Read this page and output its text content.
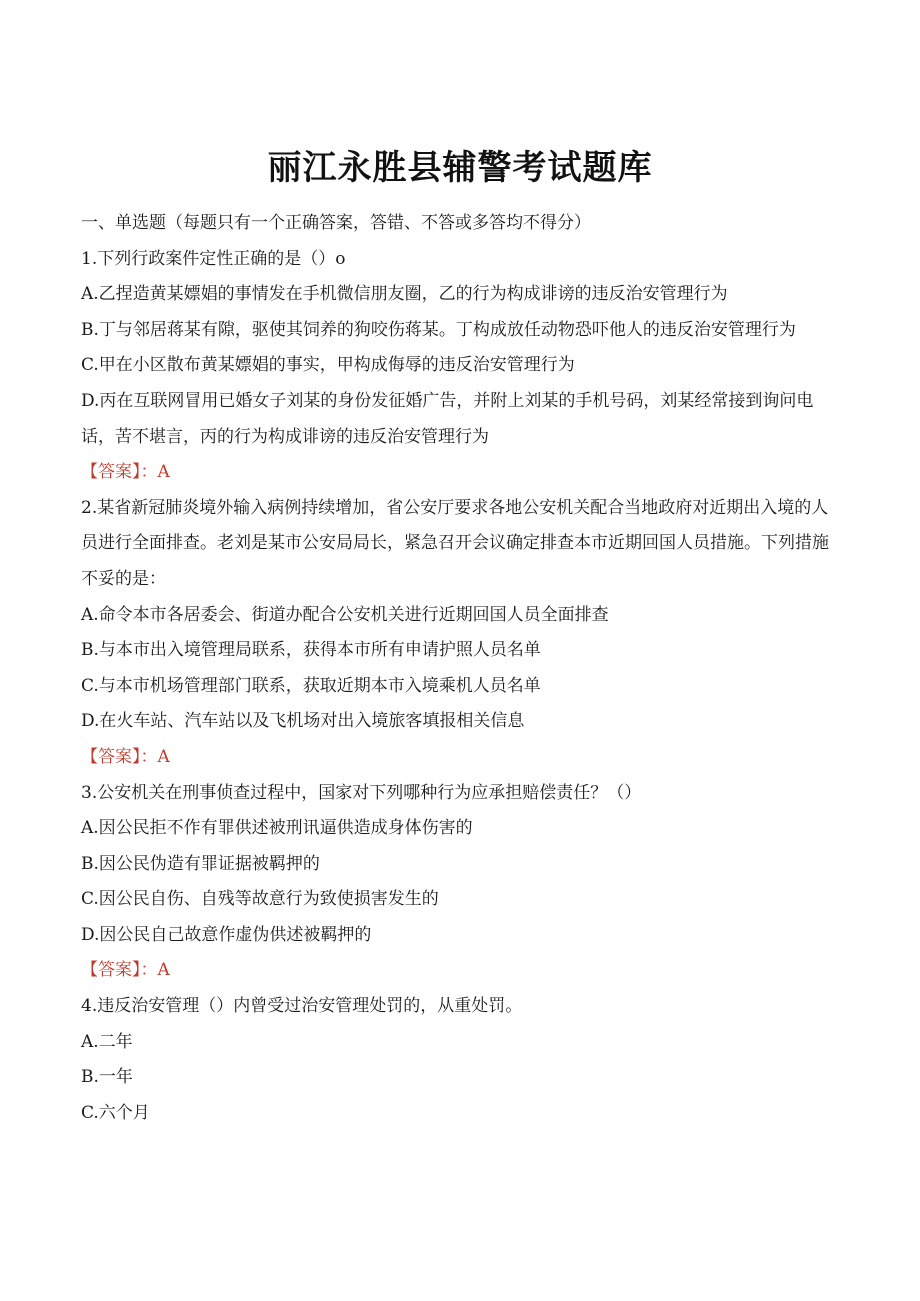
丽江永胜县辅警考试题库

一、单选题（每题只有一个正确答案，答错、不答或多答均不得分）

1.下列行政案件定性正确的是（）o

A.乙捏造黄某嫖娼的事情发在手机微信朋友圈，乙的行为构成诽谤的违反治安管理行为

B.丁与邻居蒋某有隙，驱使其饲养的狗咬伤蒋某。丁构成放任动物恐吓他人的违反治安管理行为

C.甲在小区散布黄某嫖娼的事实，甲构成侮辱的违反治安管理行为

D.丙在互联网冒用已婚女子刘某的身份发征婚广告，并附上刘某的手机号码，刘某经常接到询问电话，苦不堪言，丙的行为构成诽谤的违反治安管理行为

【答案】：A

2.某省新冠肺炎境外输入病例持续增加，省公安厅要求各地公安机关配合当地政府对近期出入境的人员进行全面排查。老刘是某市公安局局长，紧急召开会议确定排查本市近期回国人员措施。下列措施不妥的是：

A.命令本市各居委会、街道办配合公安机关进行近期回国人员全面排查

B.与本市出入境管理局联系，获得本市所有申请护照人员名单

C.与本市机场管理部门联系，获取近期本市入境乘机人员名单

D.在火车站、汽车站以及飞机场对出入境旅客填报相关信息

【答案】：A

3.公安机关在刑事侦查过程中，国家对下列哪种行为应承担赔偿责任？（）

A.因公民拒不作有罪供述被刑讯逼供造成身体伤害的

B.因公民伪造有罪证据被羁押的

C.因公民自伤、自残等故意行为致使损害发生的

D.因公民自己故意作虚伪供述被羁押的

【答案】：A

4.违反治安管理（）内曾受过治安管理处罚的，从重处罚。

A.二年

B.一年

C.六个月
